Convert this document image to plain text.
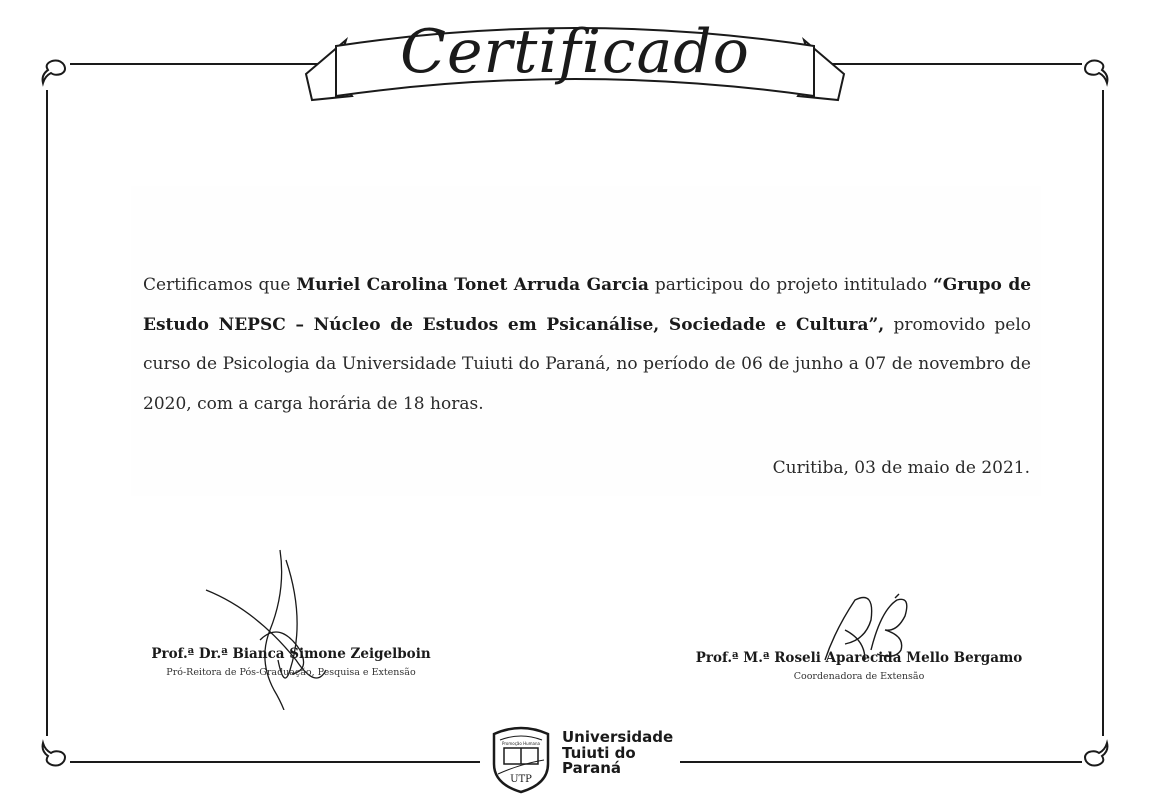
Certificado
Certificamos que Muriel Carolina Tonet Arruda Garcia participou do projeto intitulado “Grupo de Estudo NEPSC – Núcleo de Estudos em Psicanálise, Sociedade e Cultura”, promovido pelo curso de Psicologia da Universidade Tuiuti do Paraná, no período de 06 de junho a 07 de novembro de 2020, com a carga horária de 18 horas.
Curitiba, 03 de maio de 2021.
Prof.ª Dr.ª Bianca Simone Zeigelboin
Pró-Reitora de Pós-Graduação, Pesquisa e Extensão
Prof.ª M.ª Roseli Aparecida Mello Bergamo
Coordenadora de Extensão
Promoção Humana
UTP
Universidade
Tuiuti do
Paraná
